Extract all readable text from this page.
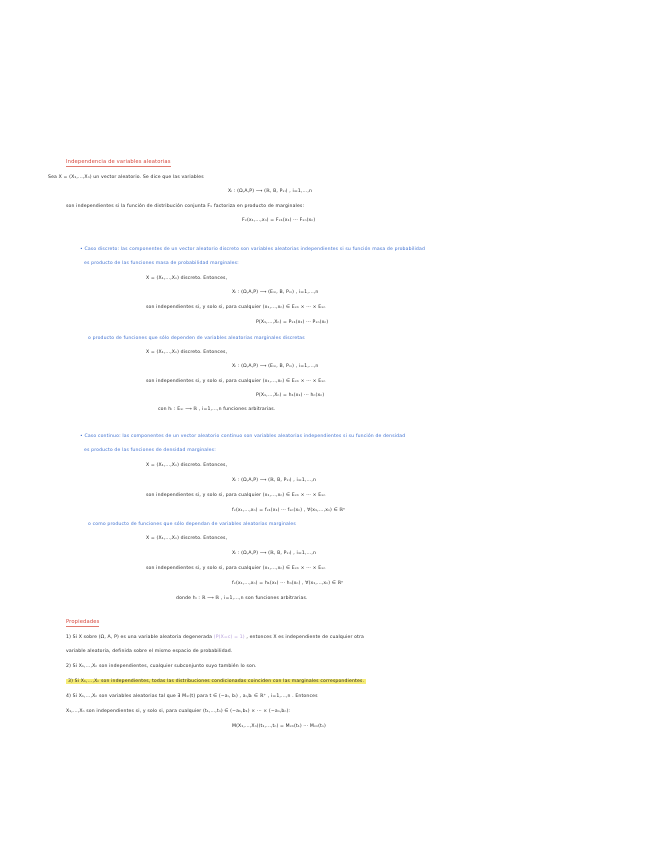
Independencia de variables aleatorias
Sea X = (X₁,...,Xₙ) un vector aleatorio. Se dice que las variables
Xᵢ : (Ω,A,P) ⟶ (ℝ, B, Pₓᵢ) , i=1,...,n
son independientes si la función de distribución conjunta Fₓ factoriza en producto de marginales:
Fₓ(x₁,...,xₙ) = Fₓ₁(x₁) ··· Fₓₙ(xₙ)
• Caso discreto: las componentes de un vector aleatorio discreto son variables aleatorias independientes si su función masa de probabilidad
es producto de las funciones masa de probabilidad marginales:
X = (X₁,...,Xₙ) discreto. Entonces,
Xᵢ : (Ω,A,P) ⟶ (Eₓᵢ, B, Pₓᵢ) , i=1,...,n
son independientes si, y solo si, para cualquier (x₁,...,xₙ) ∈ Eₓ₁ × ··· × Eₓₙ
P(X₁,...,Xₙ) = Pₓ₁(x₁) ··· Pₓₙ(xₙ)
o producto de funciones que sólo dependen de variables aleatorias marginales discretas
X = (X₁,...,Xₙ) discreto. Entonces,
Xᵢ : (Ω,A,P) ⟶ (Eₓᵢ, B, Pₓᵢ) , i=1,...,n
son independientes si, y solo si, para cualquier (x₁,...,xₙ) ∈ Eₓ₁ × ··· × Eₓₙ
P(X₁,...,Xₙ) = h₁(x₁) ··· hₙ(xₙ)
con hᵢ : Eₓᵢ ⟶ ℝ , i=1,...,n funciones arbitrarias.
• Caso continuo: las componentes de un vector aleatorio continuo son variables aleatorias independientes si su función de densidad
es producto de las funciones de densidad marginales:
X = (X₁,...,Xₙ) discreto. Entonces,
Xᵢ : (Ω,A,P) ⟶ (ℝ, B, Pₓᵢ) , i=1,...,n
son independientes si, y solo si, para cualquier (x₁,...,xₙ) ∈ Eₓ₁ × ··· × Eₓₙ
fₓ(x₁,...,xₙ) = fₓ₁(x₁) ··· fₓₙ(xₙ) , ∀(x₁,...,xₙ) ∈ ℝⁿ
o como producto de funciones que sólo dependan de variables aleatorias marginales
X = (X₁,...,Xₙ) discreto. Entonces,
Xᵢ : (Ω,A,P) ⟶ (ℝ, B, Pₓᵢ) , i=1,...,n
son independientes si, y solo si, para cualquier (x₁,...,xₙ) ∈ Eₓ₁ × ··· × Eₓₙ
fₓ(x₁,...,xₙ) = h₁(x₁) ··· hₙ(xₙ) , ∀(x₁,...,xₙ) ∈ ℝⁿ
donde hᵢ : ℝ ⟶ ℝ , i=1,...,n son funciones arbitrarias.
Propiedades
1) Si X sobre (Ω, A, P) es una variable aleatoria degenerada (P(X=c) = 1) , entonces X es independiente de cualquier otra
variable aleatoria, definida sobre el mismo espacio de probabilidad.
2) Si X₁,...,Xₙ son independientes, cualquier subconjunto suyo también lo son.
3) Si X₁,...,Xₙ son independientes, todas las distribuciones condicionadas coinciden con las marginales correspondientes.
4) Si X₁,...,Xₙ son variables aleatorias tal que ∃ Mₓᵢ(t) para t ∈ (−aᵢ, bᵢ) , aᵢ,bᵢ ∈ ℝ⁺ , i=1,...,n . Entonces
X₁,...,Xₙ son independientes si, y solo si, para cualquier (t₁,...,tₙ) ∈ (−a₁,b₁) × ··· × (−aₙ,bₙ):
M(X₁,...,Xₙ)(t₁,...,tₙ) = Mₓ₁(t₁) ··· Mₓₙ(tₙ)
